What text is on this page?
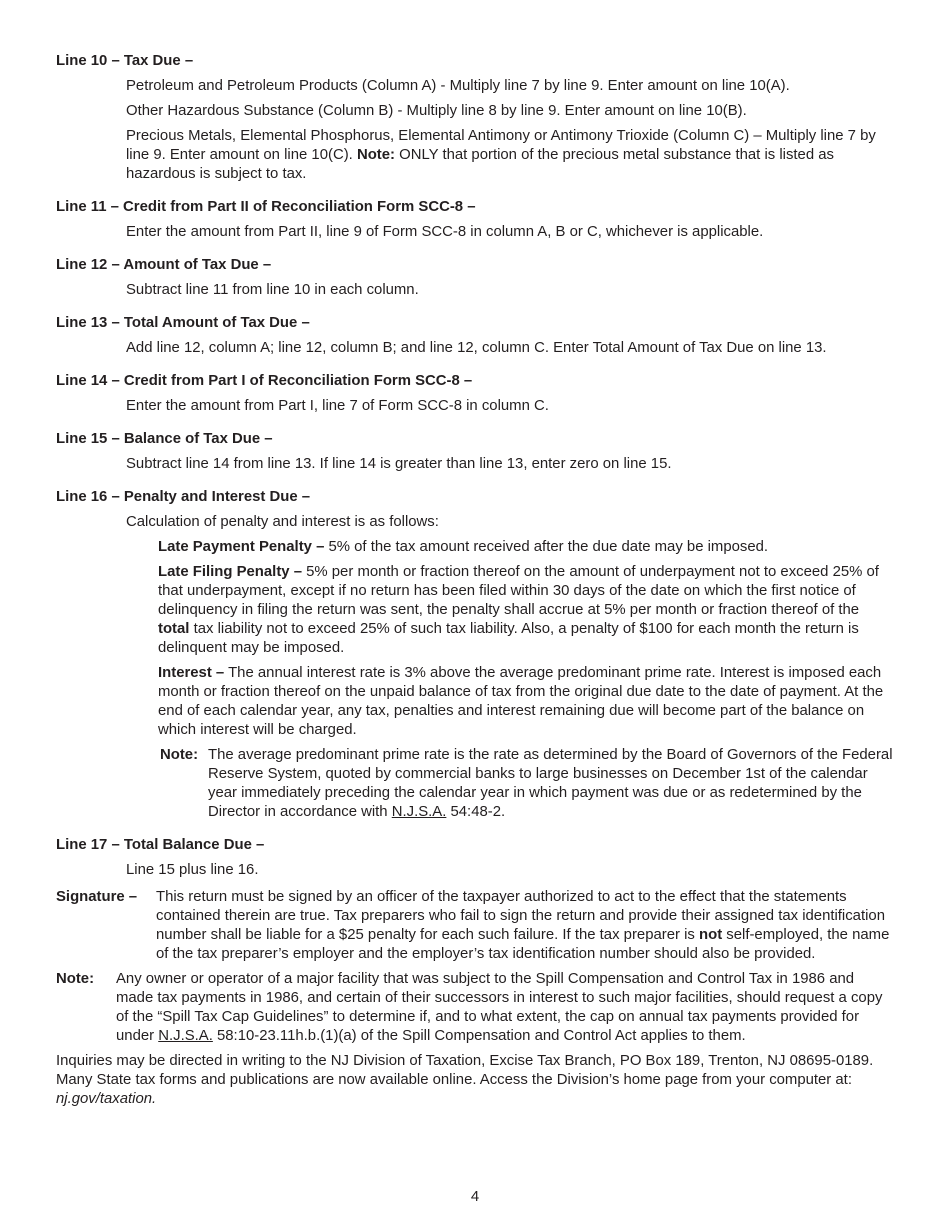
Line 10 – Tax Due –

Petroleum and Petroleum Products (Column A) - Multiply line 7 by line 9. Enter amount on line 10(A).

Other Hazardous Substance (Column B) - Multiply line 8 by line 9. Enter amount on line 10(B).

Precious Metals, Elemental Phosphorus, Elemental Antimony or Antimony Trioxide (Column C) – Multiply line 7 by line 9. Enter amount on line 10(C). Note: ONLY that portion of the precious metal substance that is listed as hazardous is subject to tax.

Line 11 – Credit from Part II of Reconciliation Form SCC-8 –

Enter the amount from Part II, line 9 of Form SCC-8 in column A, B or C, whichever is applicable.

Line 12 – Amount of Tax Due –

Subtract line 11 from line 10 in each column.

Line 13 – Total Amount of Tax Due –

Add line 12, column A; line 12, column B; and line 12, column C. Enter Total Amount of Tax Due on line 13.

Line 14 – Credit from Part I of Reconciliation Form SCC-8 –

Enter the amount from Part I, line 7 of Form SCC-8 in column C.

Line 15 – Balance of Tax Due –

Subtract line 14 from line 13. If line 14 is greater than line 13, enter zero on line 15.

Line 16 – Penalty and Interest Due –

Calculation of penalty and interest is as follows:

Late Payment Penalty – 5% of the tax amount received after the due date may be imposed.

Late Filing Penalty – 5% per month or fraction thereof on the amount of underpayment not to exceed 25% of that underpayment, except if no return has been filed within 30 days of the date on which the first notice of delinquency in filing the return was sent, the penalty shall accrue at 5% per month or fraction thereof of the total tax liability not to exceed 25% of such tax liability. Also, a penalty of $100 for each month the return is delinquent may be imposed.

Interest – The annual interest rate is 3% above the average predominant prime rate. Interest is imposed each month or fraction thereof on the unpaid balance of tax from the original due date to the date of payment. At the end of each calendar year, any tax, penalties and interest remaining due will become part of the balance on which interest will be charged.

Note: The average predominant prime rate is the rate as determined by the Board of Governors of the Federal Reserve System, quoted by commercial banks to large businesses on December 1st of the calendar year immediately preceding the calendar year in which payment was due or as redetermined by the Director in accordance with N.J.S.A. 54:48-2.

Line 17 – Total Balance Due –

Line 15 plus line 16.

Signature –	This return must be signed by an officer of the taxpayer authorized to act to the effect that the statements contained therein are true. Tax preparers who fail to sign the return and provide their assigned tax identification number shall be liable for a $25 penalty for each such failure. If the tax preparer is not self-employed, the name of the tax preparer’s employer and the employer’s tax identification number should also be provided.
Note:	Any owner or operator of a major facility that was subject to the Spill Compensation and Control Tax in 1986 and made tax payments in 1986, and certain of their successors in interest to such major facilities, should request a copy of the “Spill Tax Cap Guidelines” to determine if, and to what extent, the cap on annual tax payments provided for under N.J.S.A. 58:10-23.11h.b.(1)(a) of the Spill Compensation and Control Act applies to them.

Inquiries may be directed in writing to the NJ Division of Taxation, Excise Tax Branch, PO Box 189, Trenton, NJ 08695-0189. Many State tax forms and publications are now available online. Access the Division’s home page from your computer at: nj.gov/taxation.

4
